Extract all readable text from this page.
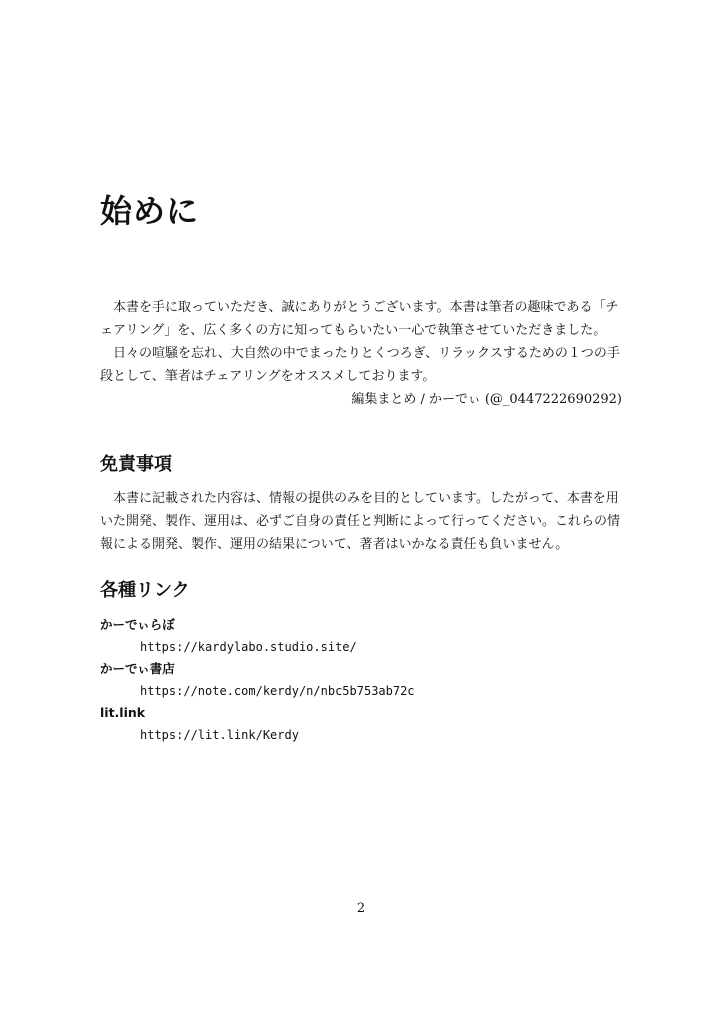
始めに

本書を手に取っていただき、誠にありがとうございます。本書は筆者の趣味である「チェアリング」を、広く多くの方に知ってもらいたい一心で執筆させていただきました。

日々の喧騒を忘れ、大自然の中でまったりとくつろぎ、リラックスするための１つの手段として、筆者はチェアリングをオススメしております。

編集まとめ / かーでぃ (@_0447222690292)

免責事項

本書に記載された内容は、情報の提供のみを目的としています。したがって、本書を用いた開発、製作、運用は、必ずご自身の責任と判断によって行ってください。これらの情報による開発、製作、運用の結果について、著者はいかなる責任も負いません。

各種リンク
かーでぃらぼ
https://kardylabo.studio.site/
かーでぃ書店
https://note.com/kerdy/n/nbc5b753ab72c
lit.link
https://lit.link/Kerdy
2
